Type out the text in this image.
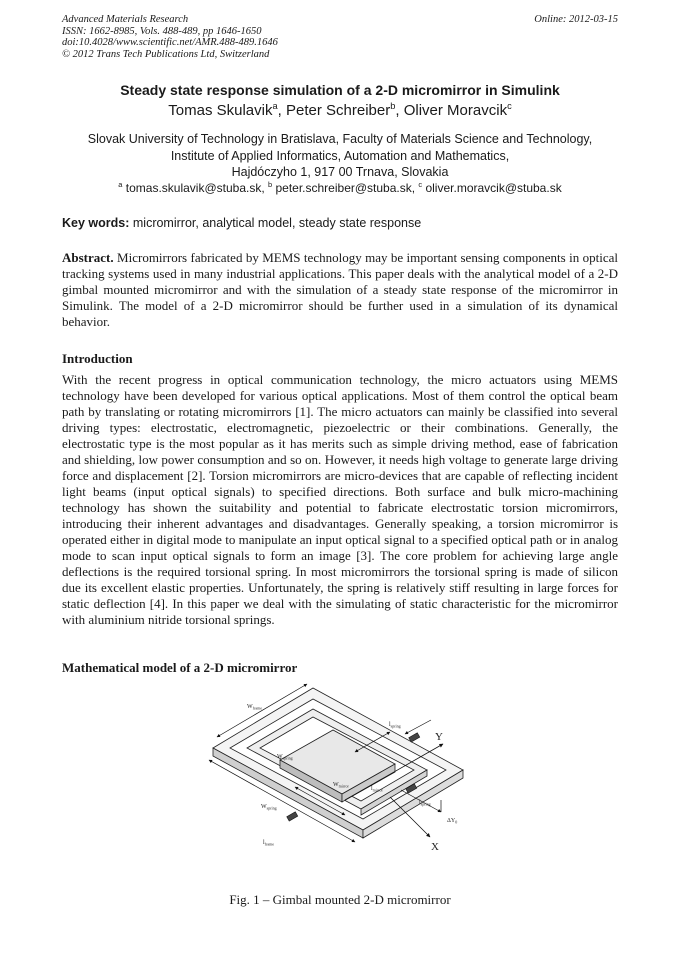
Advanced Materials Research
ISSN: 1662-8985, Vols. 488-489, pp 1646-1650
doi:10.4028/www.scientific.net/AMR.488-489.1646
© 2012 Trans Tech Publications Ltd, Switzerland
Online: 2012-03-15
Steady state response simulation of a 2-D micromirror in Simulink
Tomas Skulavik$^a$, Peter Schreiber$^b$, Oliver Moravcik$^c$
Slovak University of Technology in Bratislava, Faculty of Materials Science and Technology,
Institute of Applied Informatics, Automation and Mathematics,
Hajdóczyho 1, 917 00 Trnava, Slovakia
$^a$ tomas.skulavik@stuba.sk, $^b$ peter.schreiber@stuba.sk, $^c$ oliver.moravcik@stuba.sk
Key words: micromirror, analytical model, steady state response
Abstract. Micromirrors fabricated by MEMS technology may be important sensing components in optical tracking systems used in many industrial applications. This paper deals with the analytical model of a 2-D gimbal mounted micromirror and with the simulation of a steady state response of the micromirror in Simulink. The model of a 2-D micromirror should be further used in a simulation of its dynamical behavior.
Introduction
With the recent progress in optical communication technology, the micro actuators using MEMS technology have been developed for various optical applications. Most of them control the optical beam path by translating or rotating micromirrors [1]. The micro actuators can mainly be classified into several driving types: electrostatic, electromagnetic, piezoelectric or their combinations. Generally, the electrostatic type is the most popular as it has merits such as simple driving method, ease of fabrication and shielding, low power consumption and so on. However, it needs high voltage to generate large driving force and displacement [2]. Torsion micromirrors are micro-devices that are capable of reflecting incident light beams (input optical signals) to specified directions. Both surface and bulk micro-machining technology has shown the suitability and potential to fabricate electrostatic torsion micromirrors, introducing their inherent advantages and disadvantages. Generally speaking, a torsion micromirror is operated either in digital mode to manipulate an input optical signal to a specified optical path or in analog mode to scan input optical signals to form an image [3]. The core problem for achieving large angle deflections is the required torsional spring. In most micromirrors the torsional spring is made of silicon due its excellent elastic properties. Unfortunately, the spring is relatively stiff resulting in large forces for static deflection [4]. In this paper we deal with the simulating of static characteristic for the micromirror with aluminium nitride torsional springs.
Mathematical model of a 2-D micromirror
$W_{frame}$
$l_{spring}$
$W_{spring}$
$W_{mirror}$	$l_{mirror}$
$l_{spring}$
$W_{spring}$
$l_{frame}$
$\Delta Y_0$
Y
X
Fig. 1 – Gimbal mounted 2-D micromirror
